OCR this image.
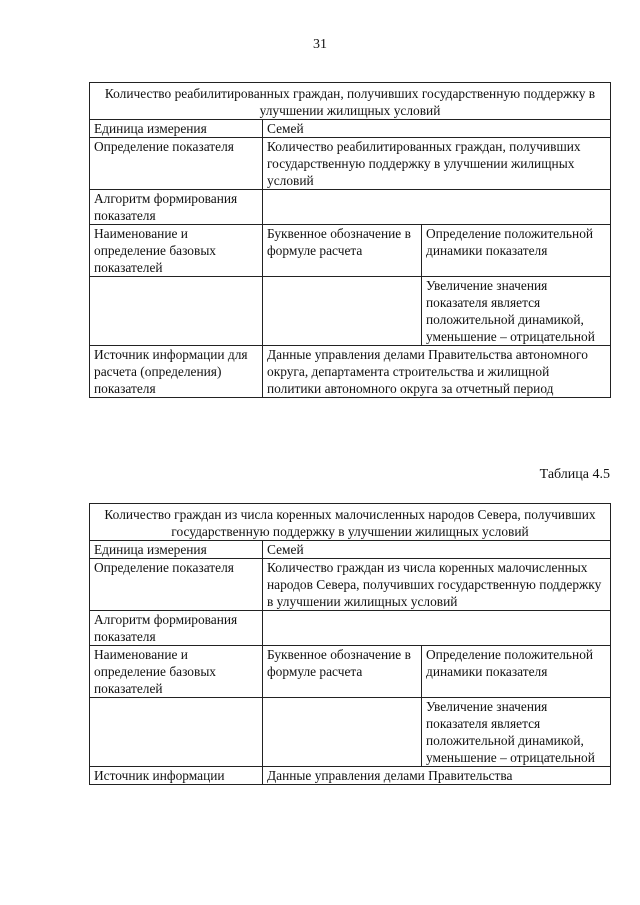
31
Количество реабилитированных граждан, получивших государственную поддержку в улучшении жилищных условий		
Единица измерения	Семей	
Определение показателя	Количество реабилитированных граждан, получивших государственную поддержку в улучшении жилищных условий	
Алгоритм формирования показателя		
Наименование и определение базовых показателей	Буквенное обозначение в формуле расчета	Определение положительной динамики показателя
		Увеличение значения показателя является положительной динамикой, уменьшение – отрицательной
Источник информации для расчета (определения) показателя	Данные управления делами Правительства автономного округа, департамента строительства и жилищной политики автономного округа за отчетный период	
Таблица 4.5
Количество граждан из числа коренных малочисленных народов Севера, получивших государственную поддержку в улучшении жилищных условий		
Единица измерения	Семей	
Определение показателя	Количество граждан из числа коренных малочисленных народов Севера, получивших государственную поддержку в улучшении жилищных условий	
Алгоритм формирования показателя		
Наименование и определение базовых показателей	Буквенное обозначение в формуле расчета	Определение положительной динамики показателя
		Увеличение значения показателя является положительной динамикой, уменьшение – отрицательной
Источник информации	Данные управления делами Правительства	
